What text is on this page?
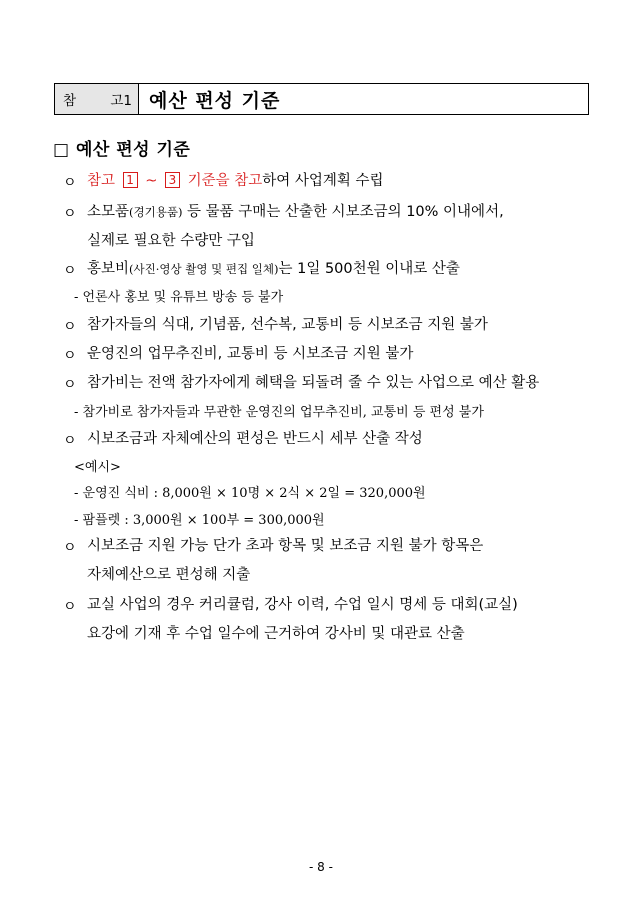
참	고1 예산 편성 기준
□ 예산 편성 기준
ㅇ 참고 1 ~ 3 기준을 참고하여 사업계획 수립
ㅇ 소모품(경기용품) 등 물품 구매는 산출한 시보조금의 10% 이내에서,
실제로 필요한 수량만 구입
ㅇ 홍보비(사진·영상 촬영 및 편집 일체)는 1일 500천원 이내로 산출
- 언론사 홍보 및 유튜브 방송 등 불가
ㅇ 참가자들의 식대, 기념품, 선수복, 교통비 등 시보조금 지원 불가
ㅇ 운영진의 업무추진비, 교통비 등 시보조금 지원 불가
ㅇ 참가비는 전액 참가자에게 혜택을 되돌려 줄 수 있는 사업으로 예산 활용
- 참가비로 참가자들과 무관한 운영진의 업무추진비, 교통비 등 편성 불가
ㅇ 시보조금과 자체예산의 편성은 반드시 세부 산출 작성
<예시>
- 운영진 식비 : 8,000원 × 10명 × 2식 × 2일 = 320,000원
- 팜플렛 : 3,000원 × 100부 = 300,000원
ㅇ 시보조금 지원 가능 단가 초과 항목 및 보조금 지원 불가 항목은
자체예산으로 편성해 지출
ㅇ 교실 사업의 경우 커리큘럼, 강사 이력, 수업 일시 명세 등 대회(교실)
요강에 기재 후 수업 일수에 근거하여 강사비 및 대관료 산출
- 8 -
